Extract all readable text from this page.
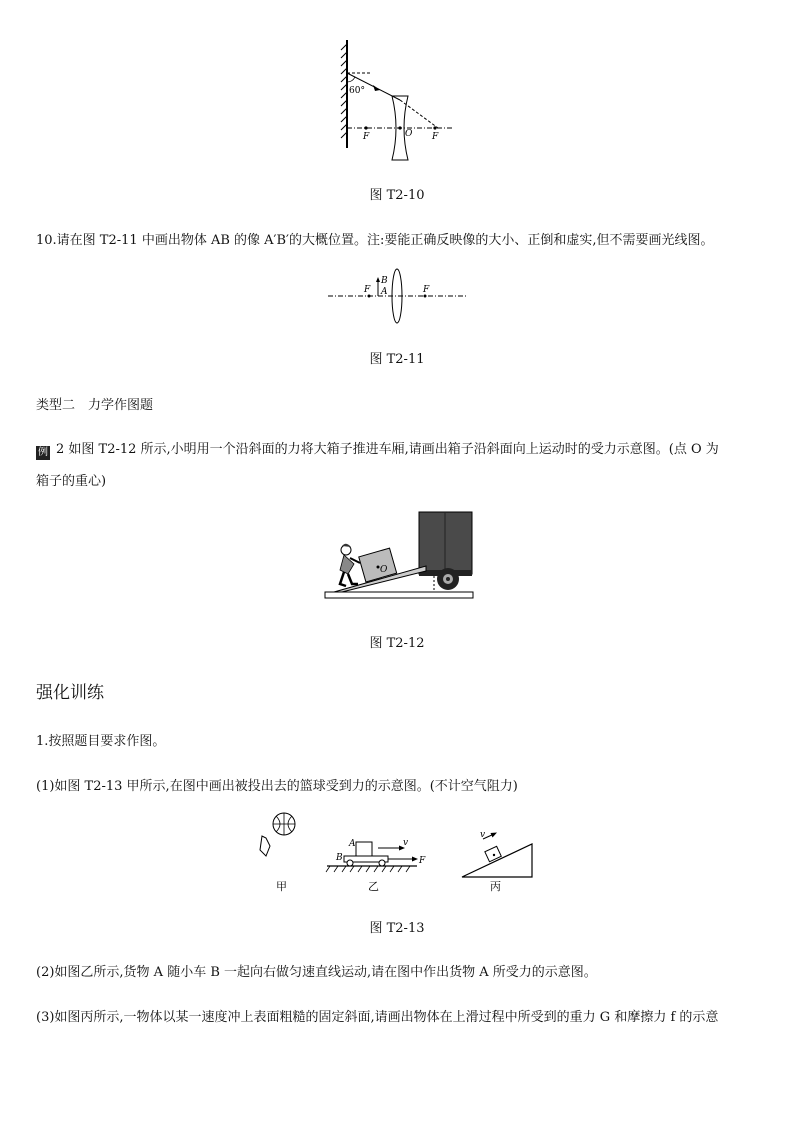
60°
F	O F
图 T2-10
10.请在图 T2-11 中画出物体 AB 的像 A′B′的大概位置。注:要能正确反映像的大小、正倒和虚实,但不需要画光线图。
B
A
F	F
图 T2-11
类型二　力学作图题
例 2 如图 T2-12 所示,小明用一个沿斜面的力将大箱子推进车厢,请画出箱子沿斜面向上运动时的受力示意图。(点 O 为
箱子的重心)
O
图 T2-12
强化训练
1.按照题目要求作图。
(1)如图 T2-13 甲所示,在图中画出被投出去的篮球受到力的示意图。(不计空气阻力)
甲
A
B
v
F
乙
v
丙
图 T2-13
(2)如图乙所示,货物 A 随小车 B 一起向右做匀速直线运动,请在图中作出货物 A 所受力的示意图。
(3)如图丙所示,一物体以某一速度冲上表面粗糙的固定斜面,请画出物体在上滑过程中所受到的重力 G 和摩擦力 f 的示意
